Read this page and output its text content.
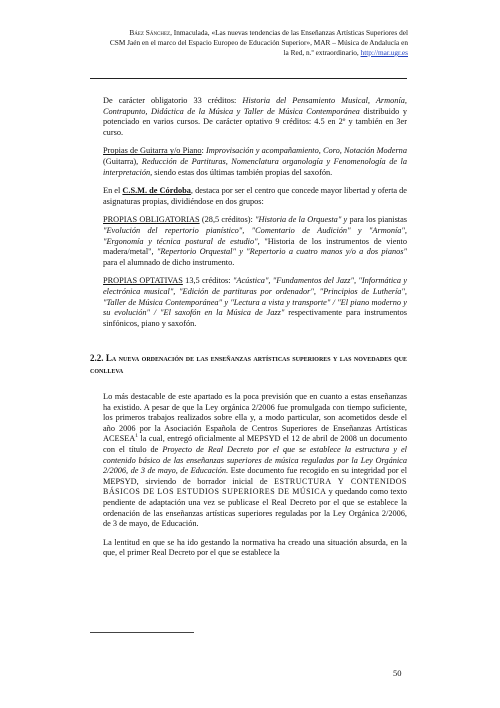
Báez Sánchez, Inmaculada, «Las nuevas tendencias de las Enseñanzas Artísticas Superiores del
CSM Jaén en el marco del Espacio Europeo de Educación Superior», MAR – Música de Andalucía en
la Red, n.º extraordinario, http://mar.ugr.es

De carácter obligatorio 33 créditos: Historia del Pensamiento Musical, Armonía, Contrapunto, Didáctica de la Música y Taller de Música Contemporánea distribuido y potenciado en varios cursos. De carácter optativo 9 créditos: 4.5 en 2º y también en 3er curso.

Propias de Guitarra y/o Piano: Improvisación y acompañamiento, Coro, Notación Moderna (Guitarra), Reducción de Partituras, Nomenclatura organología y Fenomenología de la interpretación, siendo estas dos últimas también propias del saxofón.

En el C.S.M. de Córdoba, destaca por ser el centro que concede mayor libertad y oferta de asignaturas propias, dividiéndose en dos grupos:

PROPIAS OBLIGATORIAS (28,5 créditos): "Historia de la Orquesta" y para los pianistas "Evolución del repertorio pianístico", "Comentario de Audición" y "Armonía", "Ergonomía y técnica postural de estudio", "Historia de los instrumentos de viento madera/metal", "Repertorio Orquestal" y "Repertorio a cuatro manos y/o a dos pianos" para el alumnado de dicho instrumento.

PROPIAS OPTATIVAS 13,5 créditos: "Acústica", "Fundamentos del Jazz", "Informática y electrónica musical", "Edición de partituras por ordenador", "Principios de Luthería", "Taller de Música Contemporánea" y "Lectura a vista y transporte" / "El piano moderno y su evolución" / "El saxofón en la Música de Jazz" respectivamente para instrumentos sinfónicos, piano y saxofón.

2.2. La nueva ordenación de las enseñanzas artísticas superiores y las novedades que conlleva

Lo más destacable de este apartado es la poca previsión que en cuanto a estas enseñanzas ha existido. A pesar de que la Ley orgánica 2/2006 fue promulgada con tiempo suficiente, los primeros trabajos realizados sobre ella y, a modo particular, son acometidos desde el año 2006 por la Asociación Española de Centros Superiores de Enseñanzas Artísticas ACESEA$^1$ la cual, entregó oficialmente al MEPSYD el 12 de abril de 2008 un documento con el título de Proyecto de Real Decreto por el que se establece la estructura y el contenido básico de las enseñanzas superiores de música reguladas por la Ley Orgánica 2/2006, de 3 de mayo, de Educación. Este documento fue recogido en su integridad por el MEPSYD, sirviendo de borrador inicial de ESTRUCTURA Y CONTENIDOS BÁSICOS DE LOS ESTUDIOS SUPERIORES DE MÚSICA y quedando como texto pendiente de adaptación una vez se publicase el Real Decreto por el que se establece la ordenación de las enseñanzas artísticas superiores reguladas por la Ley Orgánica 2/2006, de 3 de mayo, de Educación.

La lentitud en que se ha ido gestando la normativa ha creado una situación absurda, en la que, el primer Real Decreto por el que se establece la

50
